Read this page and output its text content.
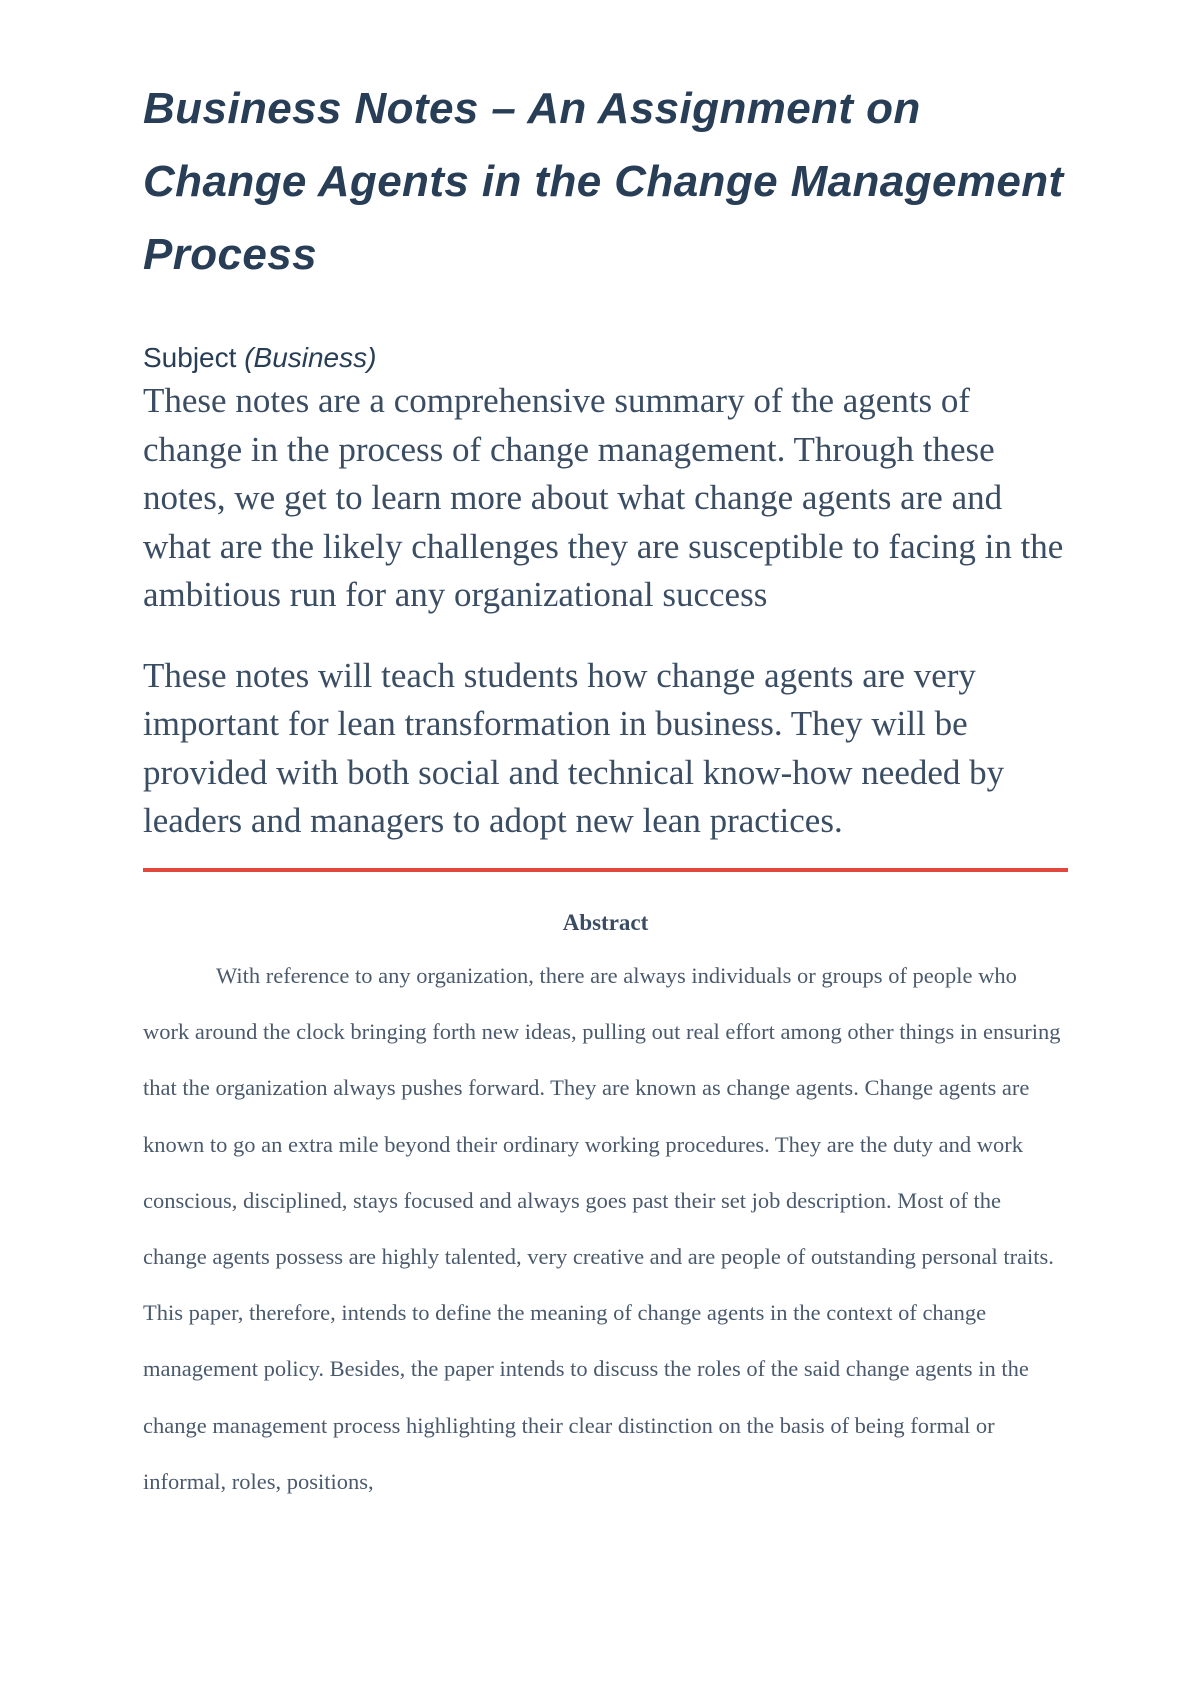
Business Notes – An Assignment on Change Agents in the Change Management Process
Subject (Business)

These notes are a comprehensive summary of the agents of change in the process of change management. Through these notes, we get to learn more about what change agents are and what are the likely challenges they are susceptible to facing in the ambitious run for any organizational success

These notes will teach students how change agents are very important for lean transformation in business. They will be provided with both social and technical know-how needed by leaders and managers to adopt new lean practices.

Abstract

With reference to any organization, there are always individuals or groups of people who work around the clock bringing forth new ideas, pulling out real effort among other things in ensuring that the organization always pushes forward. They are known as change agents. Change agents are known to go an extra mile beyond their ordinary working procedures. They are the duty and work conscious, disciplined, stays focused and always goes past their set job description. Most of the change agents possess are highly talented, very creative and are people of outstanding personal traits. This paper, therefore, intends to define the meaning of change agents in the context of change management policy. Besides, the paper intends to discuss the roles of the said change agents in the change management process highlighting their clear distinction on the basis of being formal or informal, roles, positions,
